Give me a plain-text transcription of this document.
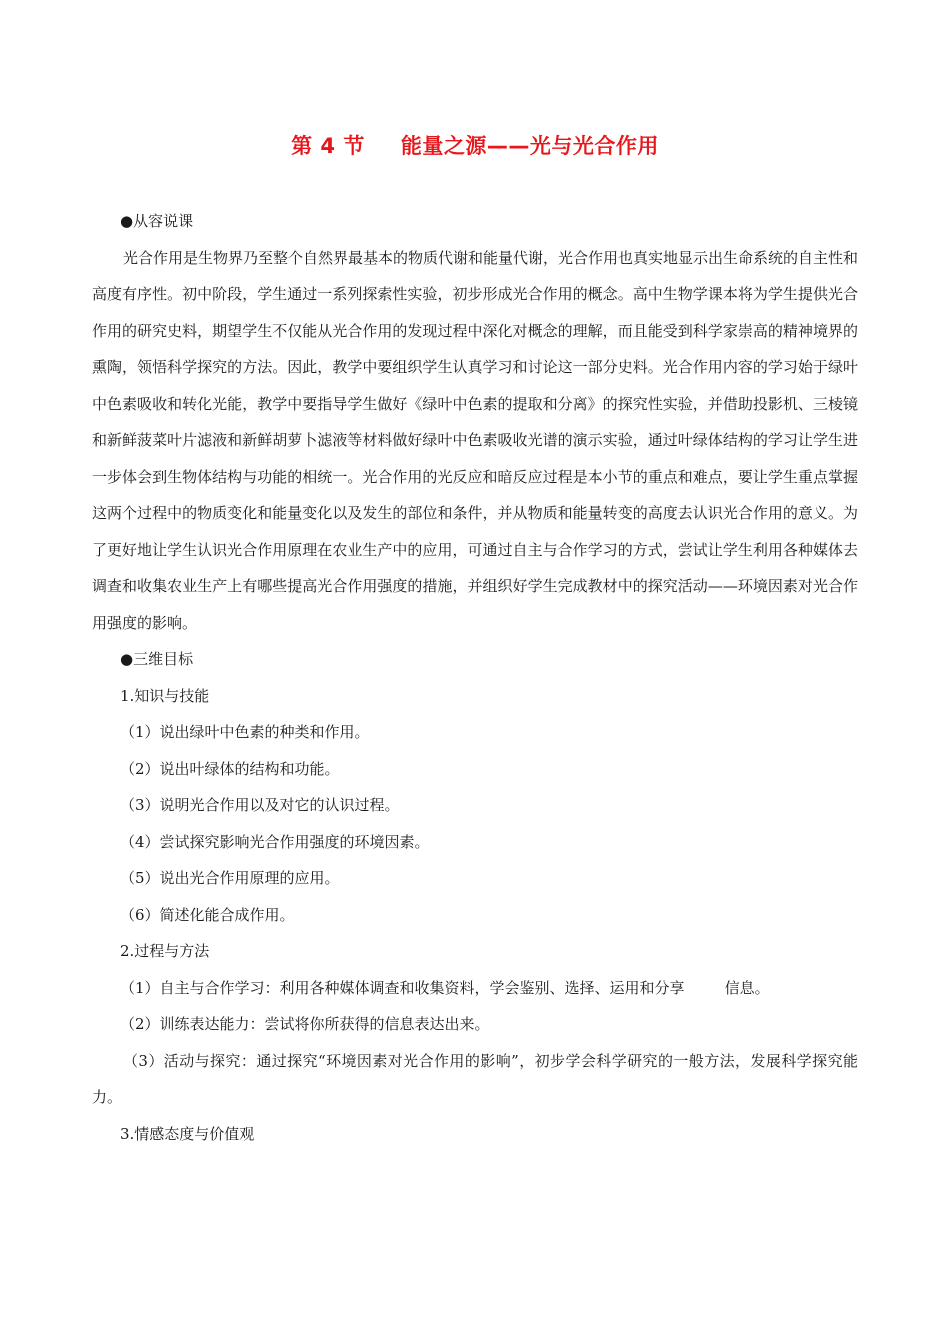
第 4 节 能量之源——光与光合作用

●从容说课

光合作用是生物界乃至整个自然界最基本的物质代谢和能量代谢，光合作用也真实地显示出生命系统的自主性和高度有序性。初中阶段，学生通过一系列探索性实验，初步形成光合作用的概念。高中生物学课本将为学生提供光合作用的研究史料，期望学生不仅能从光合作用的发现过程中深化对概念的理解，而且能受到科学家崇高的精神境界的熏陶，领悟科学探究的方法。因此，教学中要组织学生认真学习和讨论这一部分史料。光合作用内容的学习始于绿叶中色素吸收和转化光能，教学中要指导学生做好《绿叶中色素的提取和分离》的探究性实验，并借助投影机、三棱镜和新鲜菠菜叶片滤液和新鲜胡萝卜滤液等材料做好绿叶中色素吸收光谱的演示实验，通过叶绿体结构的学习让学生进一步体会到生物体结构与功能的相统一。光合作用的光反应和暗反应过程是本小节的重点和难点，要让学生重点掌握这两个过程中的物质变化和能量变化以及发生的部位和条件，并从物质和能量转变的高度去认识光合作用的意义。为了更好地让学生认识光合作用原理在农业生产中的应用，可通过自主与合作学习的方式，尝试让学生利用各种媒体去调查和收集农业生产上有哪些提高光合作用强度的措施，并组织好学生完成教材中的探究活动——环境因素对光合作用强度的影响。

●三维目标

1.知识与技能

（1）说出绿叶中色素的种类和作用。

（2）说出叶绿体的结构和功能。

（3）说明光合作用以及对它的认识过程。

（4）尝试探究影响光合作用强度的环境因素。

（5）说出光合作用原理的应用。

（6）简述化能合成作用。

2.过程与方法

（1）自主与合作学习：利用各种媒体调查和收集资料，学会鉴别、选择、运用和分享	信息。

（2）训练表达能力：尝试将你所获得的信息表达出来。

（3）活动与探究：通过探究“环境因素对光合作用的影响”，初步学会科学研究的一般方法，发展科学探究能力。

3.情感态度与价值观
